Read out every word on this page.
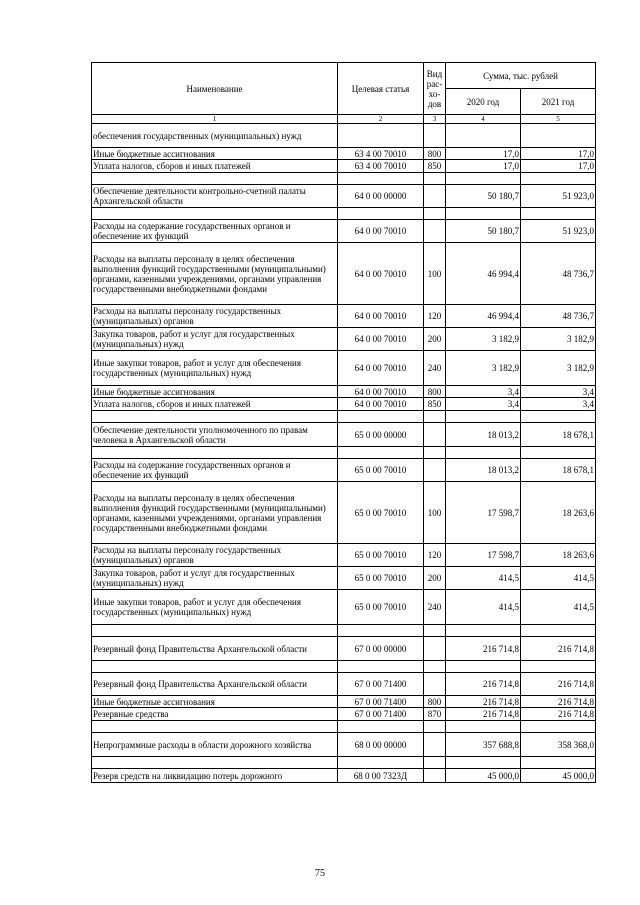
Наименование	Целевая статья	Вид рас-хо-дов	Сумма, тыс. рублей	
			2020 год	2021 год
1	2	3	4	5
обеспечения государственных (муниципальных) нужд				
Иные бюджетные ассигнования	63 4 00 70010	800	17,0	17,0
Уплата налогов, сборов и иных платежей	63 4 00 70010	850	17,0	17,0

Обеспечение деятельности контрольно-счетной палаты Архангельской области	64 0 00 00000		50 180,7	51 923,0

Расходы на содержание государственных органов и обеспечение их функций	64 0 00 70010		50 180,7	51 923,0
Расходы на выплаты персоналу в целях обеспечения выполнения функций государственными (муниципальными) органами, казенными учреждениями, органами управления государственными внебюджетными фондами	64 0 00 70010	100	46 994,4	48 736,7
Расходы на выплаты персоналу государственных (муниципальных) органов	64 0 00 70010	120	46 994,4	48 736,7
Закупка товаров, работ и услуг для государственных (муниципальных) нужд	64 0 00 70010	200	3 182,9	3 182,9
Иные закупки товаров, работ и услуг для обеспечения государственных (муниципальных) нужд	64 0 00 70010	240	3 182,9	3 182,9
Иные бюджетные ассигнования	64 0 00 70010	800	3,4	3,4
Уплата налогов, сборов и иных платежей	64 0 00 70010	850	3,4	3,4

Обеспечение деятельности уполномоченного по правам человека в Архангельской области	65 0 00 00000		18 013,2	18 678,1

Расходы на содержание государственных органов и обеспечение их функций	65 0 00 70010		18 013,2	18 678,1
Расходы на выплаты персоналу в целях обеспечения выполнения функций государственными (муниципальными) органами, казенными учреждениями, органами управления государственными внебюджетными фондами	65 0 00 70010	100	17 598,7	18 263,6
Расходы на выплаты персоналу государственных (муниципальных) органов	65 0 00 70010	120	17 598,7	18 263,6
Закупка товаров, работ и услуг для государственных (муниципальных) нужд	65 0 00 70010	200	414,5	414,5
Иные закупки товаров, работ и услуг для обеспечения государственных (муниципальных) нужд	65 0 00 70010	240	414,5	414,5

Резервный фонд Правительства Архангельской области	67 0 00 00000		216 714,8	216 714,8

Резервный фонд Правительства Архангельской области	67 0 00 71400		216 714,8	216 714,8
Иные бюджетные ассигнования	67 0 00 71400	800	216 714,8	216 714,8
Резервные средства	67 0 00 71400	870	216 714,8	216 714,8

Непрограммные расходы в области дорожного хозяйства	68 0 00 00000		357 688,8	358 368,0

Резерв средств на ликвидацию потерь дорожного	68 0 00 7323Д		45 000,0	45 000,0
75
